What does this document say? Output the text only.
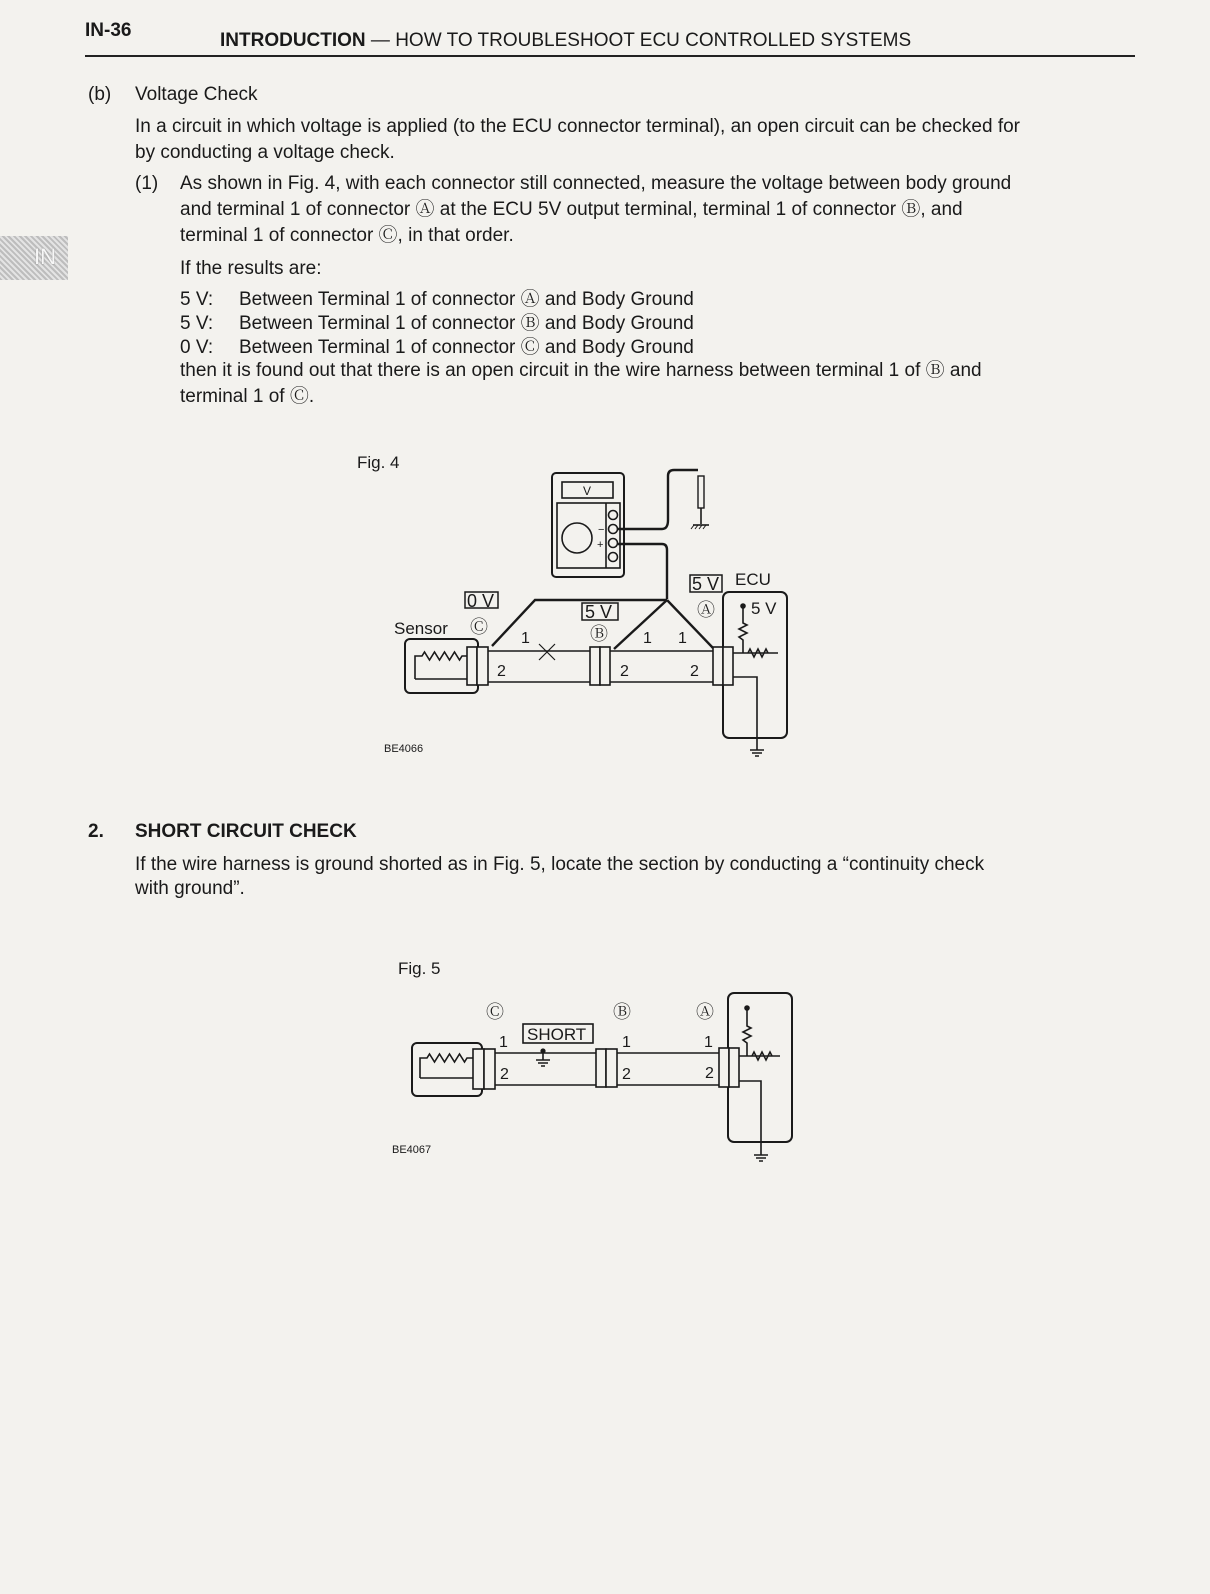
IN-36	INTRODUCTION — HOW TO TROUBLESHOOT ECU CONTROLLED SYSTEMS
IN
(b) Voltage Check
In a circuit in which voltage is applied (to the ECU connector terminal), an open circuit can be checked for
by conducting a voltage check.
(1) As shown in Fig. 4, with each connector still connected, measure the voltage between body ground
and terminal 1 of connector Ⓐ at the ECU 5V output terminal, terminal 1 of connector Ⓑ, and
terminal 1 of connector Ⓒ, in that order.
If the results are:
5 V: Between Terminal 1 of connector Ⓐ and Body Ground
5 V: Between Terminal 1 of connector Ⓑ and Body Ground
0 V: Between Terminal 1 of connector Ⓒ and Body Ground
then it is found out that there is an open circuit in the wire harness between terminal 1 of Ⓑ and
terminal 1 of Ⓒ.
Fig. 4
V
−
+
0 V
5 V
5 V
Sensor Ⓒ	Ⓑ
Ⓐ
ECU
5 V
1	1 1
2	2	2
BE4066
2. SHORT CIRCUIT CHECK
If the wire harness is ground shorted as in Fig. 5, locate the section by conducting a “continuity check
with ground”.
Fig. 5
SHORT
Ⓒ	Ⓑ	Ⓐ
1	1	1
2	2	2
BE4067
